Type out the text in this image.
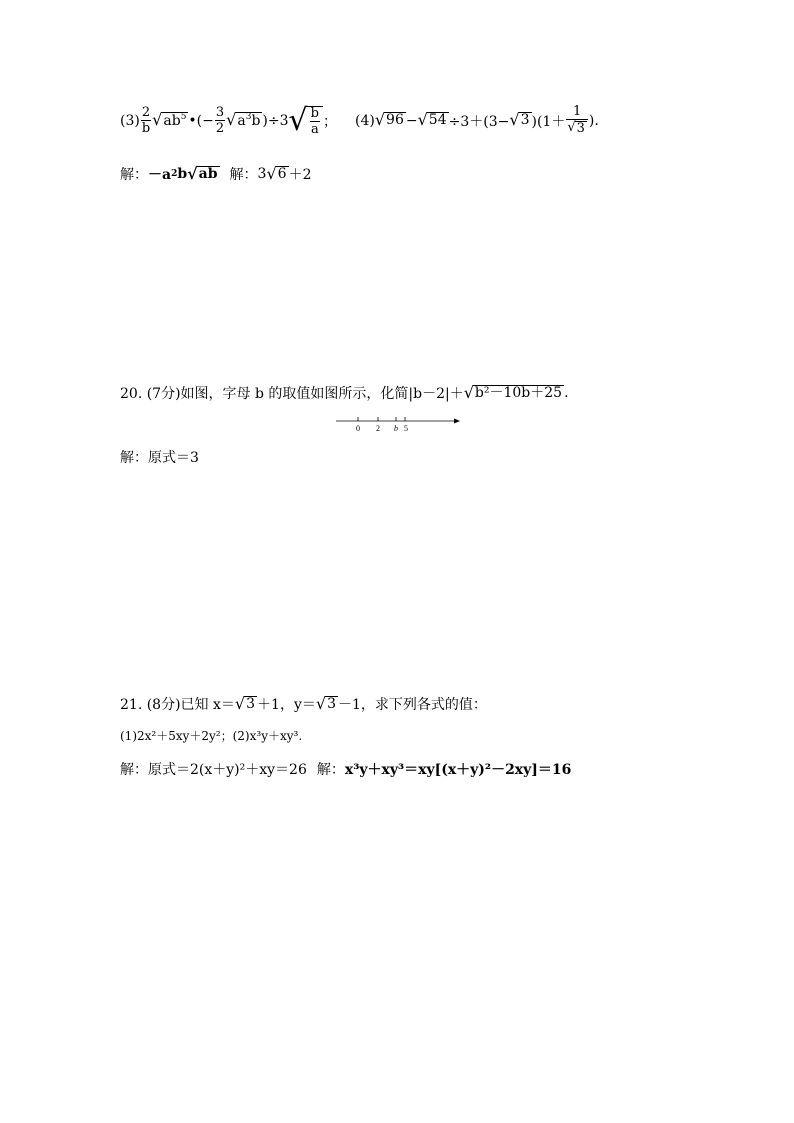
$(3) \frac{2}{b}$ √ $ab^5$ •(− $\frac{3}{2}$ √ $a^3b$ )÷3 √ $\frac{b}{a}$ ； (4) √ 96 − √ 54 ÷3＋(3− √ 3 )($1+ \frac{1}{√ 3}$ ).
解： －a 2 b √ ab 解： 3 √ 6 ＋2
20. (7分)如图，字母 b 的取值如图所示，化简|b－2|＋ √ b²－10b＋25 .
0 2 b 5
解：原式＝3
21. (8分)已知 x＝ √ 3 ＋1，y＝ √ 3 －1，求下列各式的值：
(1)2x²＋5xy＋2y²；(2)x³y＋xy³.
解：原式＝2(x＋y)²＋xy＝26 解： x³y＋xy³＝xy[(x＋y)²－2xy]＝16
